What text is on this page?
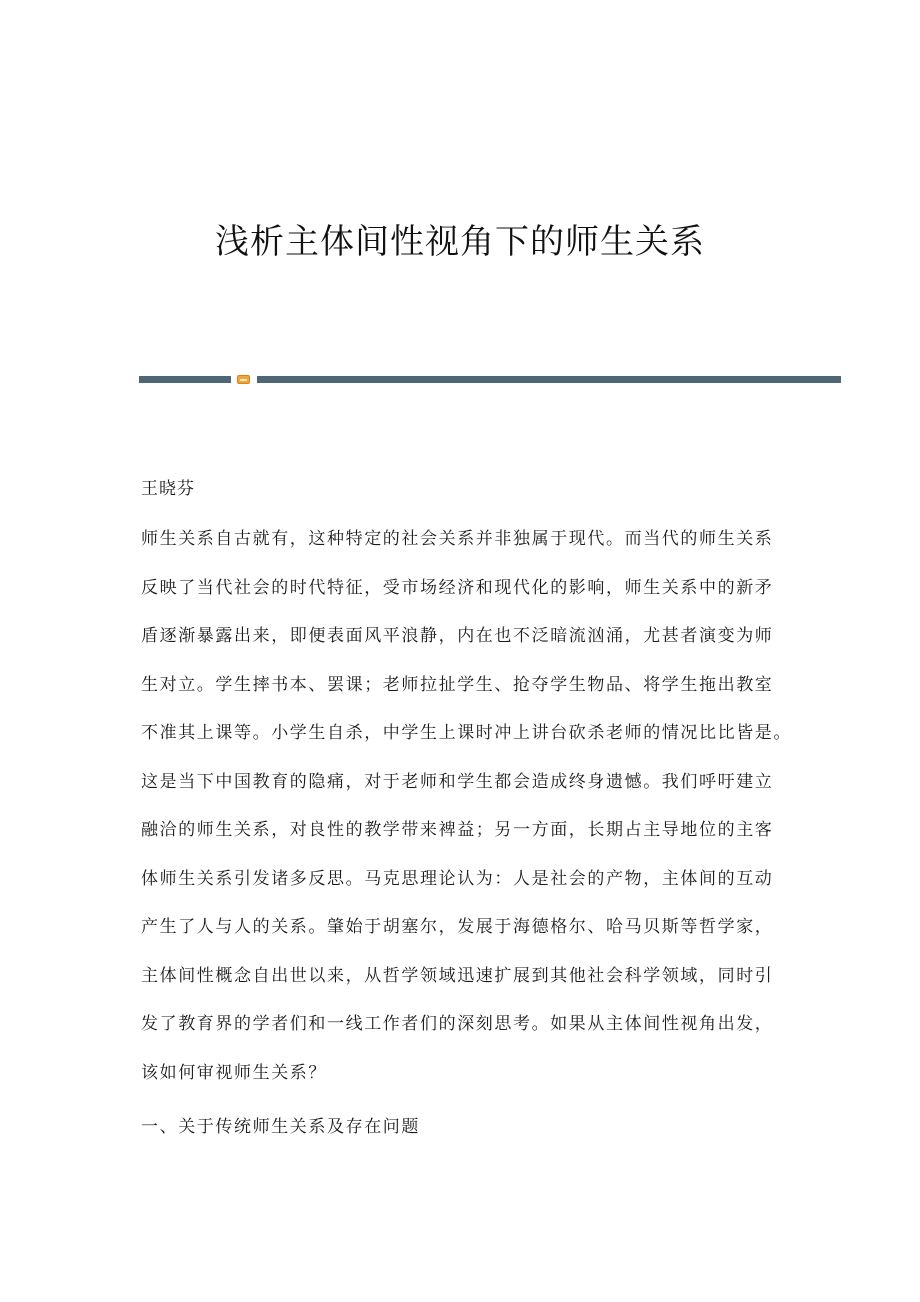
浅析主体间性视角下的师生关系
王晓芬
师生关系自古就有，这种特定的社会关系并非独属于现代。而当代的师生关系
反映了当代社会的时代特征，受市场经济和现代化的影响，师生关系中的新矛
盾逐渐暴露出来，即便表面风平浪静，内在也不泛暗流汹涌，尤甚者演变为师
生对立。学生摔书本、罢课；老师拉扯学生、抢夺学生物品、将学生拖出教室
不准其上课等。小学生自杀，中学生上课时冲上讲台砍杀老师的情况比比皆是。
这是当下中国教育的隐痛，对于老师和学生都会造成终身遗憾。我们呼吁建立
融洽的师生关系，对良性的教学带来裨益；另一方面，长期占主导地位的主客
体师生关系引发诸多反思。马克思理论认为：人是社会的产物，主体间的互动
产生了人与人的关系。肇始于胡塞尔，发展于海德格尔、哈马贝斯等哲学家，
主体间性概念自出世以来，从哲学领域迅速扩展到其他社会科学领域，同时引
发了教育界的学者们和一线工作者们的深刻思考。如果从主体间性视角出发，
该如何审视师生关系？
一、关于传统师生关系及存在问题
